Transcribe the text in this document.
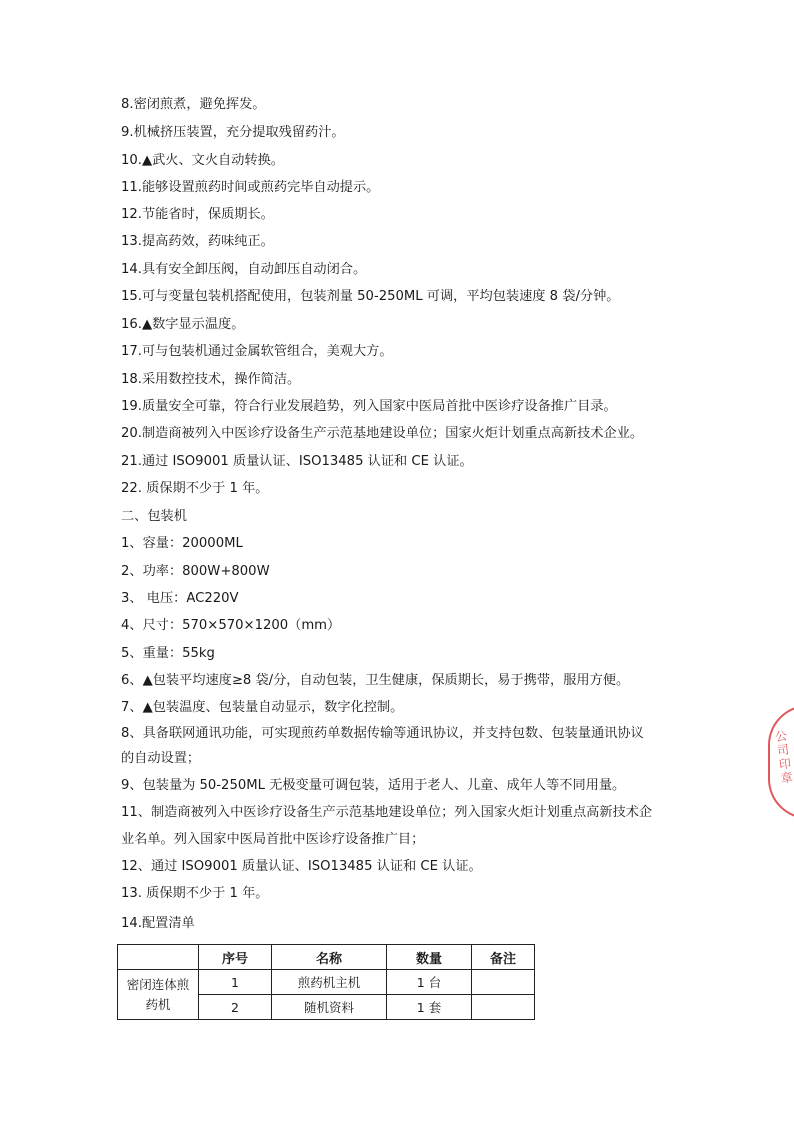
8.密闭煎煮，避免挥发。
9.机械挤压装置，充分提取残留药汁。
10.▲武火、文火自动转换。
11.能够设置煎药时间或煎药完毕自动提示。
12.节能省时，保质期长。
13.提高药效，药味纯正。
14.具有安全卸压阀，自动卸压自动闭合。
15.可与变量包装机搭配使用，包装剂量 50-250ML 可调，平均包装速度 8 袋/分钟。
16.▲数字显示温度。
17.可与包装机通过金属软管组合，美观大方。
18.采用数控技术，操作简洁。
19.质量安全可靠，符合行业发展趋势，列入国家中医局首批中医诊疗设备推广目录。
20.制造商被列入中医诊疗设备生产示范基地建设单位；国家火炬计划重点高新技术企业。
21.通过 ISO9001 质量认证、ISO13485 认证和 CE 认证。
22. 质保期不少于 1 年。
二、包装机
1、容量：20000ML
2、功率：800W+800W
3、 电压：AC220V
4、尺寸：570×570×1200（mm）
5、重量：55kg
6、▲包装平均速度≥8 袋/分，自动包装，卫生健康，保质期长，易于携带，服用方便。
7、▲包装温度、包装量自动显示，数字化控制。
8、具备联网通讯功能，可实现煎药单数据传输等通讯协议，并支持包数、包装量通讯协议
的自动设置；
9、包装量为 50-250ML 无极变量可调包装，适用于老人、儿童、成年人等不同用量。
11、制造商被列入中医诊疗设备生产示范基地建设单位；列入国家火炬计划重点高新技术企
业名单。列入国家中医局首批中医诊疗设备推广目；
12、通过 ISO9001 质量认证、ISO13485 认证和 CE 认证。
13. 质保期不少于 1 年。
14.配置清单
	序号	名称	数量	备注
密闭连体煎药机	1	煎药机主机	1 台	
	2	随机资料	1 套	
公司印章
